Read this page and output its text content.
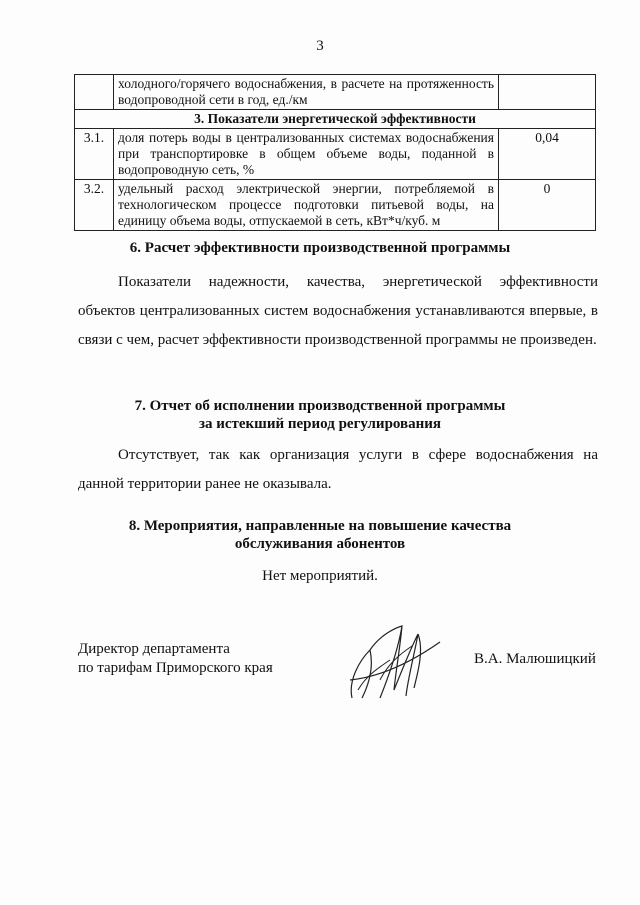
3
	холодного/горячего водоснабжения, в расчете на протяженность водопроводной сети в год, ед./км	
3. Показатели энергетической эффективности		
3.1.	доля потерь воды в централизованных системах водоснабжения при транспортировке в общем объеме воды, поданной в водопроводную сеть, %	0,04
3.2.	удельный расход электрической энергии, потребляемой в технологическом процессе подготовки питьевой воды, на единицу объема воды, отпускаемой в сеть, кВт*ч/куб. м	0
6. Расчет эффективности производственной программы

Показатели надежности, качества, энергетической эффективности объектов централизованных систем водоснабжения устанавливаются впервые, в связи с чем, расчет эффективности производственной программы не произведен.

7. Отчет об исполнении производственной программы
за истекший период регулирования

Отсутствует, так как организация услуги в сфере водоснабжения на данной территории ранее не оказывала.

8. Мероприятия, направленные на повышение качества
обслуживания абонентов
Нет мероприятий.
Директор департамента
по тарифам Приморского края
В.А. Малюшицкий
